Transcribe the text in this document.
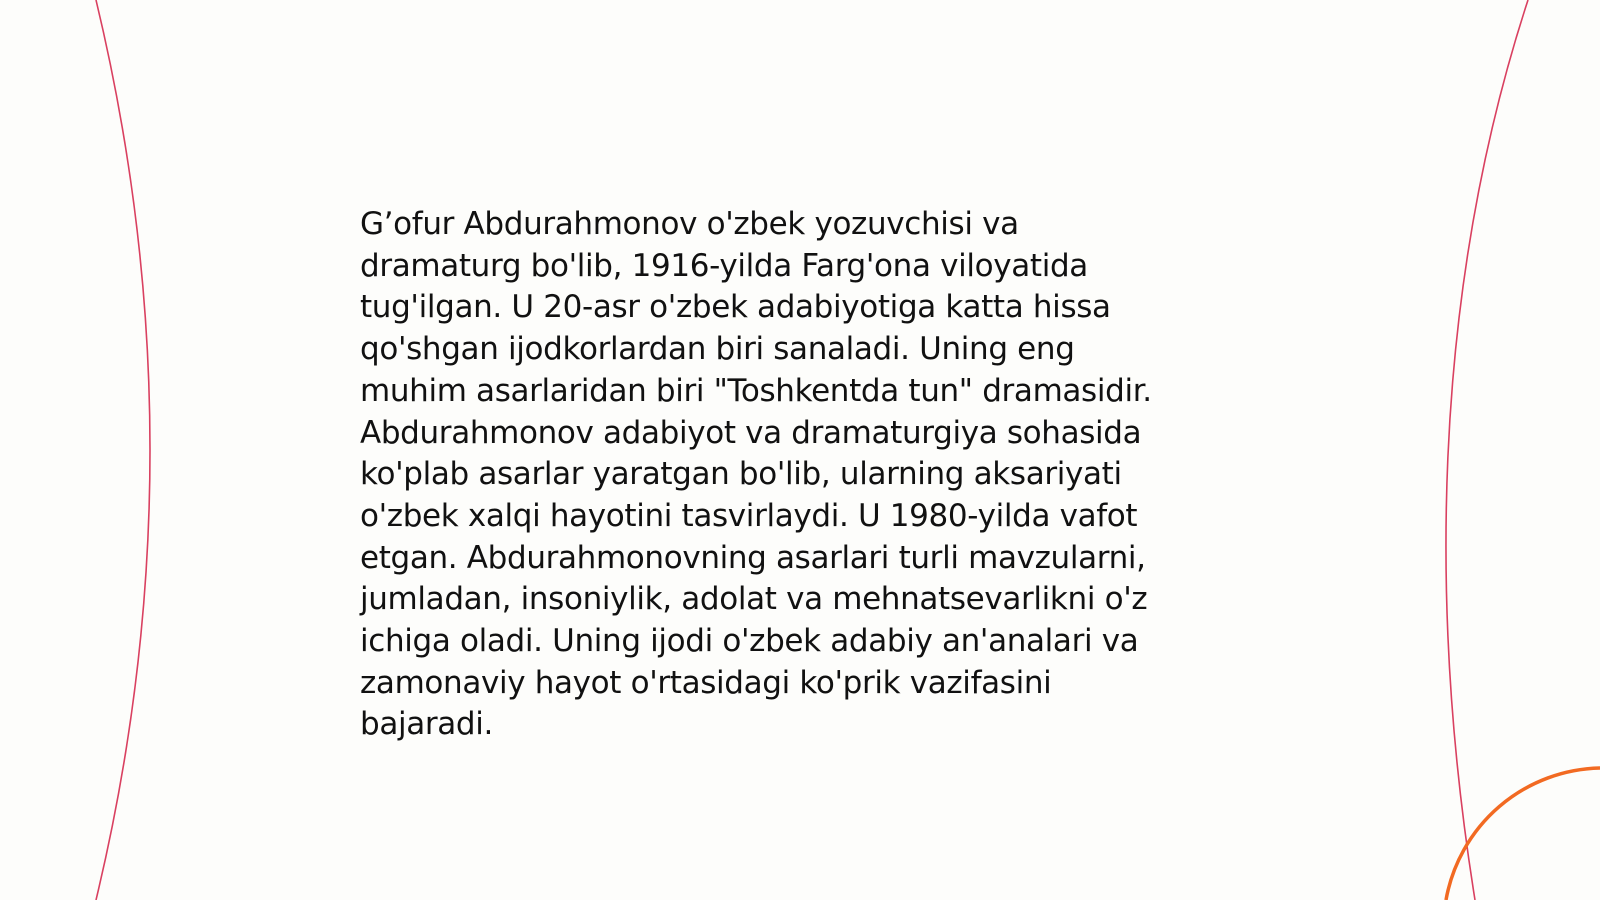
G’ofur Abdurahmonov o'zbek yozuvchisi va
dramaturg bo'lib, 1916-yilda Farg'ona viloyatida
tug'ilgan. U 20-asr o'zbek adabiyotiga katta hissa
qo'shgan ijodkorlardan biri sanaladi. Uning eng
muhim asarlaridan biri "Toshkentda tun" dramasidir.
Abdurahmonov adabiyot va dramaturgiya sohasida
ko'plab asarlar yaratgan bo'lib, ularning aksariyati
o'zbek xalqi hayotini tasvirlaydi. U 1980-yilda vafot
etgan. Abdurahmonovning asarlari turli mavzularni,
jumladan, insoniylik, adolat va mehnatsevarlikni o'z
ichiga oladi. Uning ijodi o'zbek adabiy an'analari va
zamonaviy hayot o'rtasidagi ko'prik vazifasini
bajaradi.
